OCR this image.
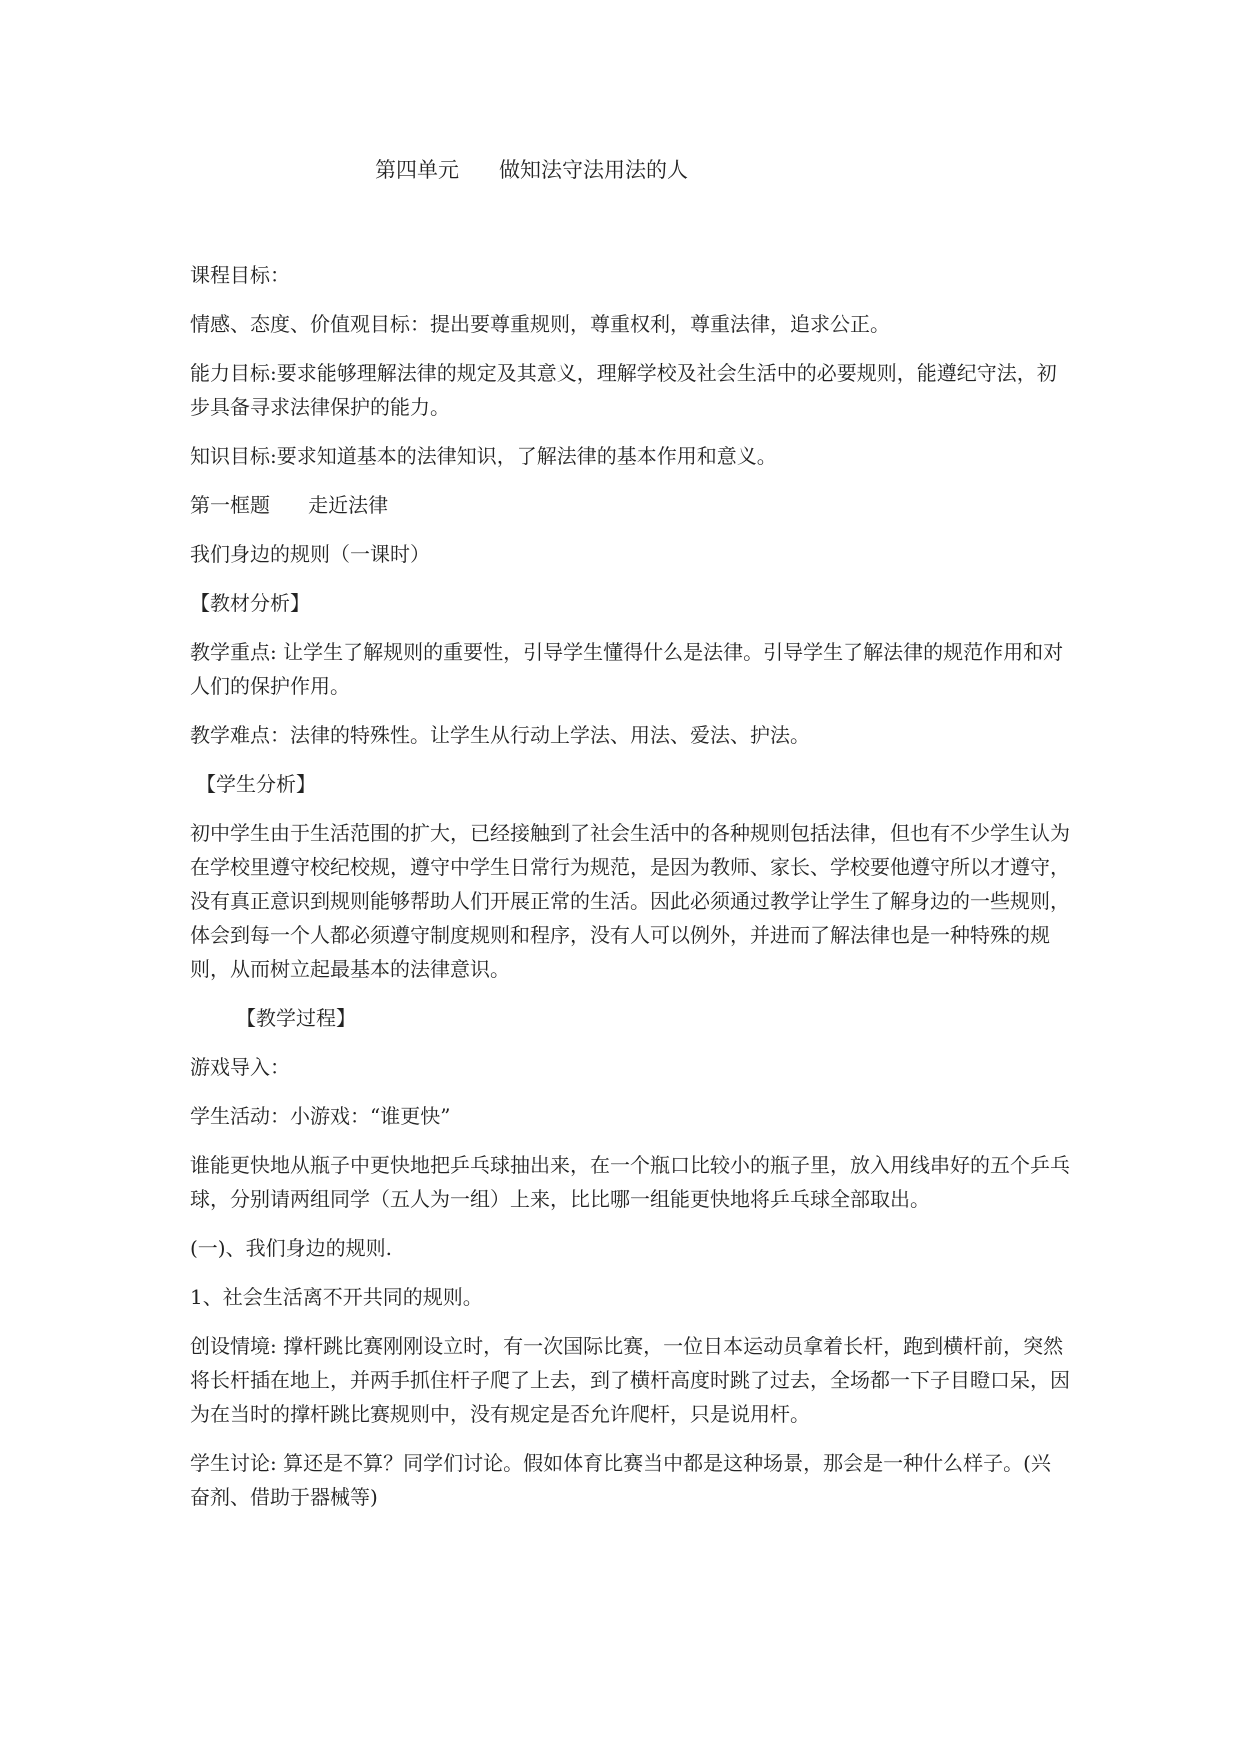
第四单元      做知法守法用法的人

课程目标：

情感、态度、价值观目标：提出要尊重规则，尊重权利，尊重法律，追求公正。

能力目标:要求能够理解法律的规定及其意义，理解学校及社会生活中的必要规则，能遵纪守法，初步具备寻求法律保护的能力。

知识目标:要求知道基本的法律知识，了解法律的基本作用和意义。

第一框题      走近法律

我们身边的规则（一课时）

【教材分析】

教学重点: 让学生了解规则的重要性，引导学生懂得什么是法律。引导学生了解法律的规范作用和对人们的保护作用。

教学难点：法律的特殊性。让学生从行动上学法、用法、爱法、护法。

【学生分析】

初中学生由于生活范围的扩大，已经接触到了社会生活中的各种规则包括法律，但也有不少学生认为在学校里遵守校纪校规，遵守中学生日常行为规范，是因为教师、家长、学校要他遵守所以才遵守，没有真正意识到规则能够帮助人们开展正常的生活。因此必须通过教学让学生了解身边的一些规则，体会到每一个人都必须遵守制度规则和程序，没有人可以例外，并进而了解法律也是一种特殊的规则，从而树立起最基本的法律意识。

【教学过程】

游戏导入：

学生活动：小游戏：“谁更快”

谁能更快地从瓶子中更快地把乒乓球抽出来，在一个瓶口比较小的瓶子里，放入用线串好的五个乒乓球，分别请两组同学（五人为一组）上来，比比哪一组能更快地将乒乓球全部取出。

(一)、我们身边的规则.

1、社会生活离不开共同的规则。

创设情境: 撑杆跳比赛刚刚设立时，有一次国际比赛，一位日本运动员拿着长杆，跑到横杆前，突然将长杆插在地上，并两手抓住杆子爬了上去，到了横杆高度时跳了过去，全场都一下子目瞪口呆，因为在当时的撑杆跳比赛规则中，没有规定是否允许爬杆，只是说用杆。

学生讨论: 算还是不算？同学们讨论。假如体育比赛当中都是这种场景，那会是一种什么样子。(兴奋剂、借助于器械等)
